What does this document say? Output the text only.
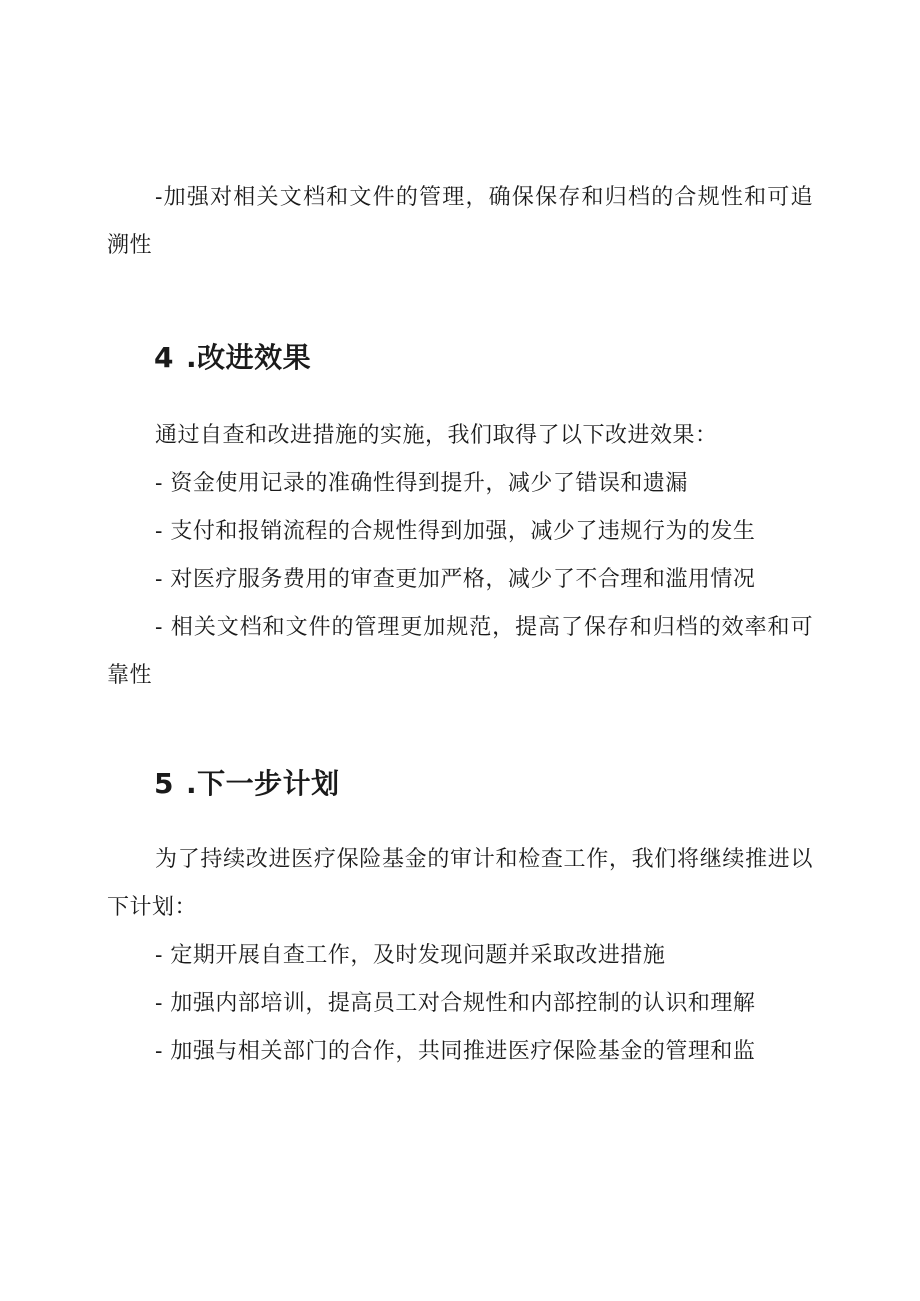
-加强对相关文档和文件的管理，确保保存和归档的合规性和可追溯性

4 .改进效果

通过自查和改进措施的实施，我们取得了以下改进效果：

- 资金使用记录的准确性得到提升，减少了错误和遗漏

- 支付和报销流程的合规性得到加强，减少了违规行为的发生

- 对医疗服务费用的审查更加严格，减少了不合理和滥用情况

- 相关文档和文件的管理更加规范，提高了保存和归档的效率和可靠性

5 .下一步计划

为了持续改进医疗保险基金的审计和检查工作，我们将继续推进以下计划：

- 定期开展自查工作，及时发现问题并采取改进措施

- 加强内部培训，提高员工对合规性和内部控制的认识和理解

- 加强与相关部门的合作，共同推进医疗保险基金的管理和监
